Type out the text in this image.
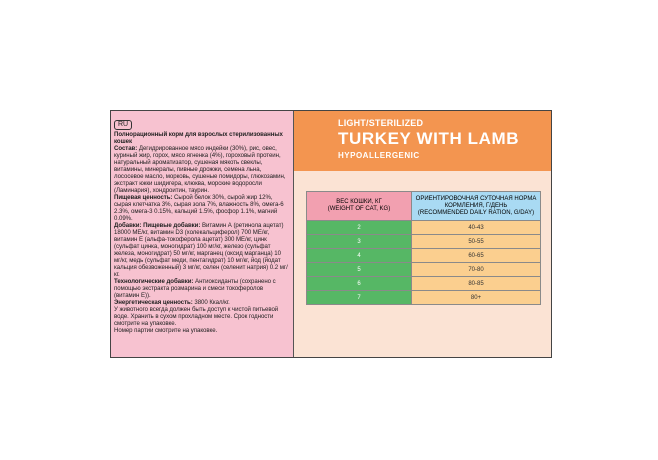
RU

Полнорационный корм для взрослых стерилизованных кошек

Состав: Дегидрированное мясо индейки (30%), рис, овес, куриный жир, горох, мясо ягненка (4%), гороховый протеин, натуральный ароматизатор, сушеная мякоть свеклы, витамины, минералы, пивные дрожжи, семена льна, лососевое масло, морковь, сушеные помидоры, глюкозамин, экстракт юкки шидигера, клюква, морские водоросли (Ламинария), хондроитин, таурин.

Пищевая ценность: Сырой белок 30%, сырой жир 12%, сырая клетчатка 3%, сырая зола 7%, влажность 8%, омега-6 2.3%, омега-3 0.15%, кальций 1.5%, фосфор 1.1%, магний 0.09%.

Добавки: Пищевые добавки: Витамин А (ретинола ацетат) 18000 МЕ/кг, витамин D3 (холекальциферол) 700 МЕ/кг, витамин Е (альфа-токоферола ацетат) 300 МЕ/кг, цинк (сульфат цинка, моногидрат) 100 мг/кг, железо (сульфат железа, моногидрат) 50 мг/кг, марганец (оксид марганца) 10 мг/кг, медь (сульфат меди, пентагидрат) 10 мг/кг, йод (йодат кальция обезвоженный) 3 мг/кг, селен (селенит натрия) 0.2 мг/кг.

Технологические добавки: Антиоксиданты (сохранено с помощью экстракта розмарина и смеси токоферолов (витамин Е)).

Энергетическая ценность: 3800 Ккал/кг.

У животного всегда должен быть доступ к чистой питьевой воде. Хранить в сухом прохладном месте. Срок годности смотрите на упаковке.

Номер партии смотрите на упаковке.

LIGHT/STERILIZED
TURKEY WITH LAMB
HYPOALLERGENIC
ВЕС КОШКИ, КГ
(WEIGHT OF CAT, KG)	ОРИЕНТИРОВОЧНАЯ СУТОЧНАЯ НОРМА КОРМЛЕНИЯ, Г/ДЕНЬ
(RECOMMENDED DAILY RATION, G/DAY)
2	40-43
3	50-55
4	60-65
5	70-80
6	80-85
7	80+
